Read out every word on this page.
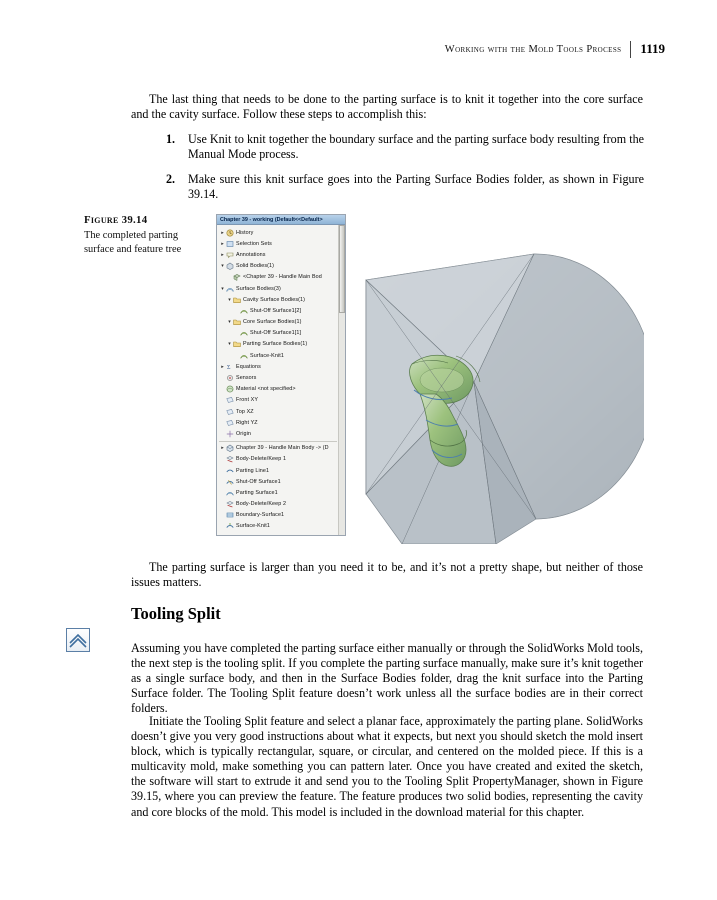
Working with the Mold Tools Process 1119

The last thing that needs to be done to the parting surface is to knit it together into the core surface and the cavity surface. Follow these steps to accomplish this:

1.	Use Knit to knit together the boundary surface and the parting surface body resulting from the Manual Mode process.
2.	Make sure this knit surface goes into the Parting Surface Bodies folder, as shown in Figure 39.14.
Figure 39.14
The completed parting surface and feature tree
Chapter 39 - working (Default<<Default>
▸	History
▸	Selection Sets
▸	Annotations
▾	Solid Bodies(1)
<Chapter 39 - Handle Main Bod
▾	Surface Bodies(3)
▾	Cavity Surface Bodies(1)
Shut-Off Surface1[2]
▾	Core Surface Bodies(1)
Shut-Off Surface1[1]
▾	Parting Surface Bodies(1)
Surface-Knit1
▸ Σ Equations
Sensors
Material <not specified>
Front XY
Top XZ
Right YZ
Origin
▸	Chapter 39 - Handle Main Body -> (D
Body-Delete/Keep 1
Parting Line1
Shut-Off Surface1
Parting Surface1
Body-Delete/Keep 2
Boundary-Surface1
Surface-Knit1

The parting surface is larger than you need it to be, and it’s not a pretty shape, but neither of those issues matters.

Tooling Split

Assuming you have completed the parting surface either manually or through the SolidWorks Mold tools, the next step is the tooling split. If you complete the parting surface manually, make sure it’s knit together as a single surface body, and then in the Surface Bodies folder, drag the knit surface into the Parting Surface folder. The Tooling Split feature doesn’t work unless all the surface bodies are in their correct folders.

Initiate the Tooling Split feature and select a planar face, approximately the parting plane. SolidWorks doesn’t give you very good instructions about what it expects, but next you should sketch the mold insert block, which is typically rectangular, square, or circular, and centered on the molded piece. If this is a multicavity mold, make something you can pattern later. Once you have created and exited the sketch, the software will start to extrude it and send you to the Tooling Split PropertyManager, shown in Figure 39.15, where you can preview the feature. The feature produces two solid bodies, representing the cavity and core blocks of the mold. This model is included in the download material for this chapter.
